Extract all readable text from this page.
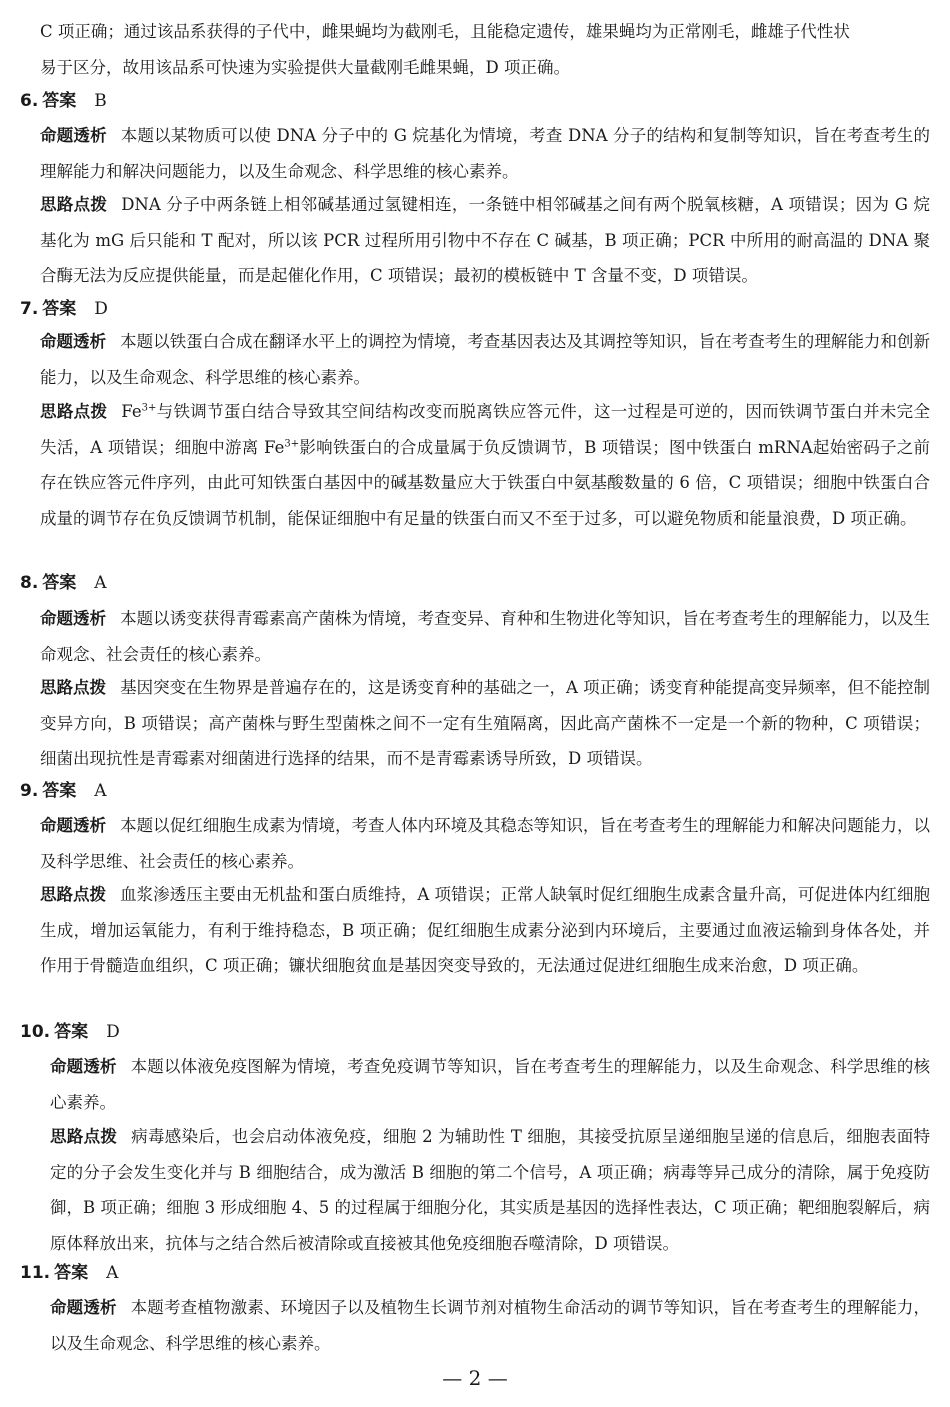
C 项正确；通过该品系获得的子代中，雌果蝇均为截刚毛，且能稳定遗传，雄果蝇均为正常刚毛，雌雄子代性状
易于区分，故用该品系可快速为实验提供大量截刚毛雌果蝇，D 项正确。
6. 答案 B
命题透析 本题以某物质可以使 DNA 分子中的 G 烷基化为情境，考查 DNA 分子的结构和复制等知识，旨在考查考生的理解能力和解决问题能力，以及生命观念、科学思维的核心素养。
思路点拨 DNA 分子中两条链上相邻碱基通过氢键相连，一条链中相邻碱基之间有两个脱氧核糖，A 项错误；因为 G 烷基化为 mG 后只能和 T 配对，所以该 PCR 过程所用引物中不存在 C 碱基，B 项正确；PCR 中所用的耐高温的 DNA 聚合酶无法为反应提供能量，而是起催化作用，C 项错误；最初的模板链中 T 含量不变，D 项错误。
7. 答案 D
命题透析 本题以铁蛋白合成在翻译水平上的调控为情境，考查基因表达及其调控等知识，旨在考查考生的理解能力和创新能力，以及生命观念、科学思维的核心素养。
思路点拨 $Fe^{3+}$与铁调节蛋白结合导致其空间结构改变而脱离铁应答元件，这一过程是可逆的，因而铁调节蛋白并未完全失活，A 项错误；细胞中游离 $Fe^{3+}$影响铁蛋白的合成量属于负反馈调节，B 项错误；图中铁蛋白 mRNA起始密码子之前存在铁应答元件序列，由此可知铁蛋白基因中的碱基数量应大于铁蛋白中氨基酸数量的 6 倍，C 项错误；细胞中铁蛋白合成量的调节存在负反馈调节机制，能保证细胞中有足量的铁蛋白而又不至于过多，可以避免物质和能量浪费，D 项正确。
8. 答案 A
命题透析 本题以诱变获得青霉素高产菌株为情境，考查变异、育种和生物进化等知识，旨在考查考生的理解能力，以及生命观念、社会责任的核心素养。
思路点拨 基因突变在生物界是普遍存在的，这是诱变育种的基础之一，A 项正确；诱变育种能提高变异频率，但不能控制变异方向，B 项错误；高产菌株与野生型菌株之间不一定有生殖隔离，因此高产菌株不一定是一个新的物种，C 项错误；细菌出现抗性是青霉素对细菌进行选择的结果，而不是青霉素诱导所致，D 项错误。
9. 答案 A
命题透析 本题以促红细胞生成素为情境，考查人体内环境及其稳态等知识，旨在考查考生的理解能力和解决问题能力，以及科学思维、社会责任的核心素养。
思路点拨 血浆渗透压主要由无机盐和蛋白质维持，A 项错误；正常人缺氧时促红细胞生成素含量升高，可促进体内红细胞生成，增加运氧能力，有利于维持稳态，B 项正确；促红细胞生成素分泌到内环境后，主要通过血液运输到身体各处，并作用于骨髓造血组织，C 项正确；镰状细胞贫血是基因突变导致的，无法通过促进红细胞生成来治愈，D 项正确。
10. 答案 D
命题透析 本题以体液免疫图解为情境，考查免疫调节等知识，旨在考查考生的理解能力，以及生命观念、科学思维的核心素养。
思路点拨 病毒感染后，也会启动体液免疫，细胞 2 为辅助性 T 细胞，其接受抗原呈递细胞呈递的信息后，细胞表面特定的分子会发生变化并与 B 细胞结合，成为激活 B 细胞的第二个信号，A 项正确；病毒等异己成分的清除，属于免疫防御，B 项正确；细胞 3 形成细胞 4、5 的过程属于细胞分化，其实质是基因的选择性表达，C 项正确；靶细胞裂解后，病原体释放出来，抗体与之结合然后被清除或直接被其他免疫细胞吞噬清除，D 项错误。
11. 答案 A
命题透析 本题考查植物激素、环境因子以及植物生长调节剂对植物生命活动的调节等知识，旨在考查考生的理解能力，以及生命观念、科学思维的核心素养。
— 2 —
